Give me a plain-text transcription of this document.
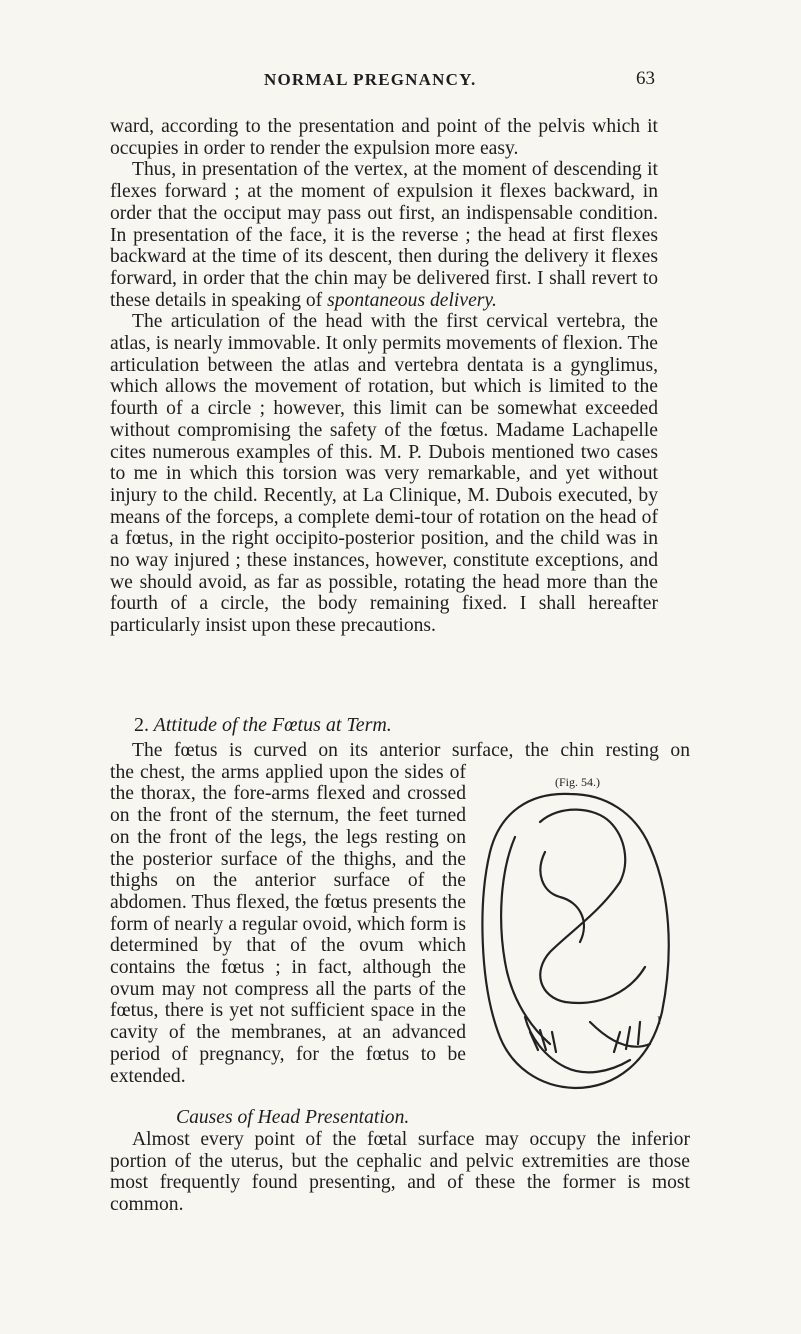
NORMAL PREGNANCY.	63

ward, according to the presentation and point of the pelvis which it occupies in order to render the expulsion more easy.

Thus, in presentation of the vertex, at the moment of descending it flexes forward ; at the moment of expulsion it flexes backward, in order that the occiput may pass out first, an indispensable condition. In presentation of the face, it is the reverse ; the head at first flexes backward at the time of its descent, then during the delivery it flexes forward, in order that the chin may be delivered first. I shall revert to these details in speaking of spontaneous delivery.

The articulation of the head with the first cervical vertebra, the atlas, is nearly immovable. It only permits movements of flexion. The articulation between the atlas and vertebra dentata is a gynglimus, which allows the movement of rotation, but which is limited to the fourth of a circle ; however, this limit can be somewhat exceeded without compromising the safety of the fœtus. Madame Lachapelle cites numerous examples of this. M. P. Dubois mentioned two cases to me in which this torsion was very remarkable, and yet without injury to the child. Recently, at La Clinique, M. Dubois executed, by means of the forceps, a complete demi-tour of rotation on the head of a fœtus, in the right occipito-posterior position, and the child was in no way injured ; these instances, however, constitute exceptions, and we should avoid, as far as possible, rotating the head more than the fourth of a circle, the body remaining fixed. I shall hereafter particularly insist upon these precautions.

2. Attitude of the Fœtus at Term.

The fœtus is curved on its anterior surface, the chin resting on

(Fig. 54.)
I

the chest, the arms applied upon the sides of the thorax, the fore-arms flexed and crossed on the front of the sternum, the feet turned on the front of the legs, the legs resting on the posterior surface of the thighs, and the thighs on the anterior surface of the abdomen. Thus flexed, the fœtus presents the form of nearly a regular ovoid, which form is determined by that of the ovum which contains the fœtus ; in fact, although the ovum may not compress all the parts of the fœtus, there is yet not sufficient space in the cavity of the membranes, at an advanced period of pregnancy, for the fœtus to be extended.

Causes of Head Presentation.

Almost every point of the fœtal surface may occupy the inferior portion of the uterus, but the cephalic and pelvic extremities are those most frequently found presenting, and of these the former is most common.
